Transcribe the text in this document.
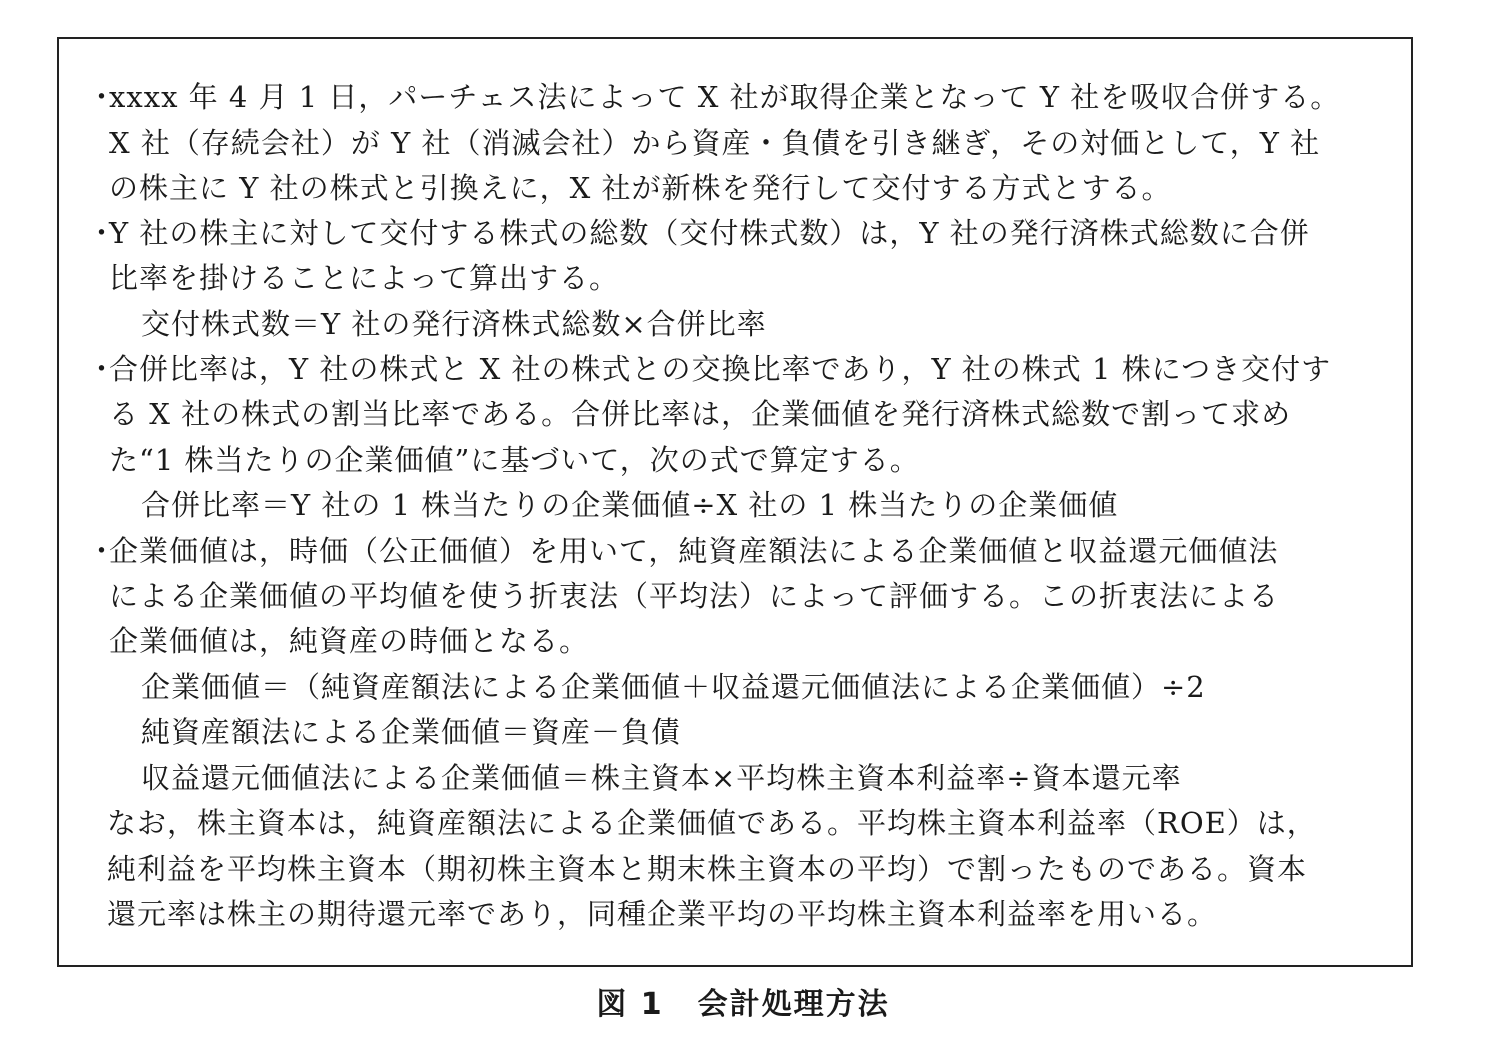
・xxxx 年 4 月 1 日，パーチェス法によって X 社が取得企業となって Y 社を吸収合併する。
X 社（存続会社）が Y 社（消滅会社）から資産・負債を引き継ぎ，その対価として，Y 社
の株主に Y 社の株式と引換えに，X 社が新株を発行して交付する方式とする。
・Y 社の株主に対して交付する株式の総数（交付株式数）は，Y 社の発行済株式総数に合併
比率を掛けることによって算出する。
交付株式数＝Y 社の発行済株式総数×合併比率
・合併比率は，Y 社の株式と X 社の株式との交換比率であり，Y 社の株式 1 株につき交付す
る X 社の株式の割当比率である。合併比率は，企業価値を発行済株式総数で割って求め
た“1 株当たりの企業価値”に基づいて，次の式で算定する。
合併比率＝Y 社の 1 株当たりの企業価値÷X 社の 1 株当たりの企業価値
・企業価値は，時価（公正価値）を用いて，純資産額法による企業価値と収益還元価値法
による企業価値の平均値を使う折衷法（平均法）によって評価する。この折衷法による
企業価値は，純資産の時価となる。
企業価値＝（純資産額法による企業価値＋収益還元価値法による企業価値）÷2
純資産額法による企業価値＝資産－負債
収益還元価値法による企業価値＝株主資本×平均株主資本利益率÷資本還元率
なお，株主資本は，純資産額法による企業価値である。平均株主資本利益率（ROE）は，
純利益を平均株主資本（期初株主資本と期末株主資本の平均）で割ったものである。資本
還元率は株主の期待還元率であり，同種企業平均の平均株主資本利益率を用いる。
図 1 会計処理方法
